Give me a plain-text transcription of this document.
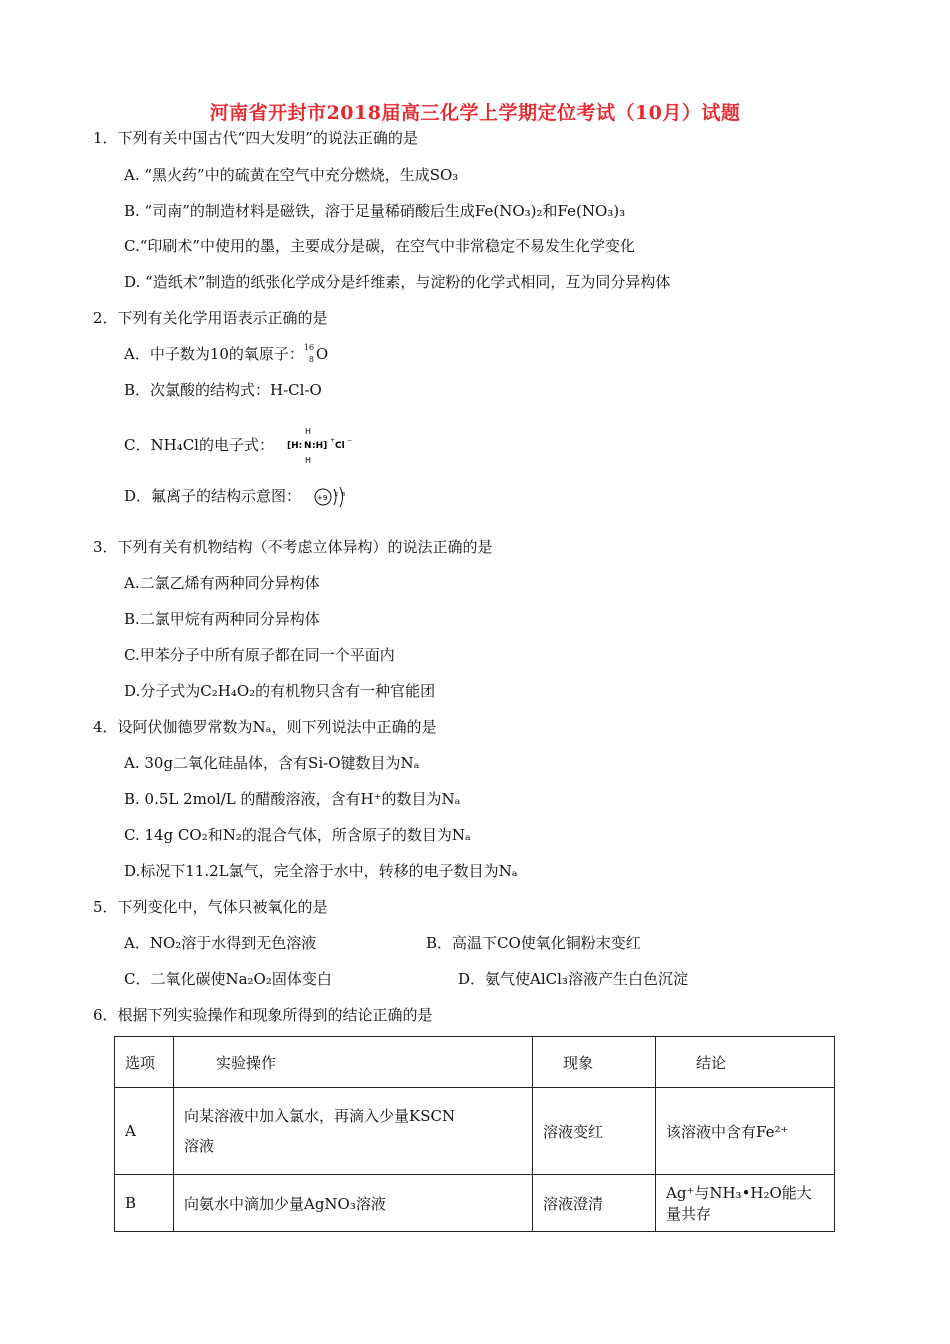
河南省开封市2018届高三化学上学期定位考试（10月）试题
1．下列有关中国古代“四大发明”的说法正确的是
A. “黑火药”中的硫黄在空气中充分燃烧，生成SO₃
B. “司南”的制造材料是磁铁，溶于足量稀硝酸后生成Fe(NO₃)₂和Fe(NO₃)₃
C.“印刷术”中使用的墨，主要成分是碳，在空气中非常稳定不易发生化学变化
D. “造纸术”制造的纸张化学成分是纤维素，与淀粉的化学式相同，互为同分异构体
2．下列有关化学用语表示正确的是
A．中子数为10的氧原子： 16
8 O
B．次氯酸的结构式：H-Cl-O
C．NH₄Cl的电子式：
H
[H: N :H]
+
Cl
−
H
D．氟离子的结构示意图： +9 2 8
3．下列有关有机物结构（不考虑立体异构）的说法正确的是
A.二氯乙烯有两种同分异构体
B.二氯甲烷有两种同分异构体
C.甲苯分子中所有原子都在同一个平面内
D.分子式为C₂H₄O₂的有机物只含有一种官能团
4．设阿伏伽德罗常数为Nₐ，则下列说法中正确的是
A. 30g二氧化硅晶体，含有Si-O键数目为Nₐ
B. 0.5L 2mol/L 的醋酸溶液，含有H⁺的数目为Nₐ
C. 14g CO₂和N₂的混合气体，所含原子的数目为Nₐ
D.标况下11.2L氯气，完全溶于水中，转移的电子数目为Nₐ
5．下列变化中，气体只被氧化的是
A．NO₂溶于水得到无色溶液	B．高温下CO使氧化铜粉末变红
C．二氧化碳使Na₂O₂固体变白	D．氨气使AlCl₃溶液产生白色沉淀
6．根据下列实验操作和现象所得到的结论正确的是
选项	实验操作	现象	结论
A	向某溶液中加入氯水，再滴入少量KSCN
溶液	溶液变红	该溶液中含有Fe²⁺
B	向氨水中滴加少量AgNO₃溶液	溶液澄清	Ag⁺与NH₃•H₂O能大量共存
